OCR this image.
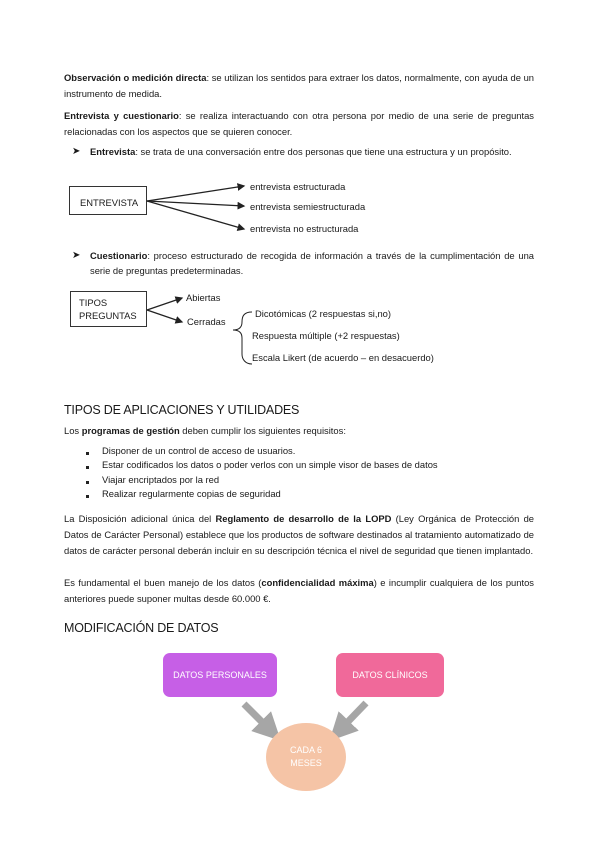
Observación o medición directa: se utilizan los sentidos para extraer los datos, normalmente, con ayuda de un instrumento de medida.

Entrevista y cuestionario: se realiza interactuando con otra persona por medio de una serie de preguntas relacionadas con los aspectos que se quieren conocer.

➤ Entrevista: se trata de una conversación entre dos personas que tiene una estructura y un propósito.
ENTREVISTA
entrevista estructurada
entrevista semiestructurada
entrevista no estructurada
➤ Cuestionario: proceso estructurado de recogida de información a través de la cumplimentación de una serie de preguntas predeterminadas.
TIPOS
PREGUNTAS
Abiertas
Cerradas
Dicotómicas (2 respuestas si,no)
Respuesta múltiple (+2 respuestas)
Escala Likert (de acuerdo – en desacuerdo)
TIPOS DE APLICACIONES Y UTILIDADES

Los programas de gestión deben cumplir los siguientes requisitos:

Disponer de un control de acceso de usuarios.
Estar codificados los datos o poder verlos con un simple visor de bases de datos
Viajar encriptados por la red
Realizar regularmente copias de seguridad

La Disposición adicional única del Reglamento de desarrollo de la LOPD (Ley Orgánica de Protección de Datos de Carácter Personal) establece que los productos de software destinados al tratamiento automatizado de datos de carácter personal deberán incluir en su descripción técnica el nivel de seguridad que tienen implantado.

Es fundamental el buen manejo de los datos (confidencialidad máxima) e incumplir cualquiera de los puntos anteriores puede suponer multas desde 60.000 €.

MODIFICACIÓN DE DATOS
DATOS PERSONALES	DATOS CLÍNICOS
CADA 6
MESES
